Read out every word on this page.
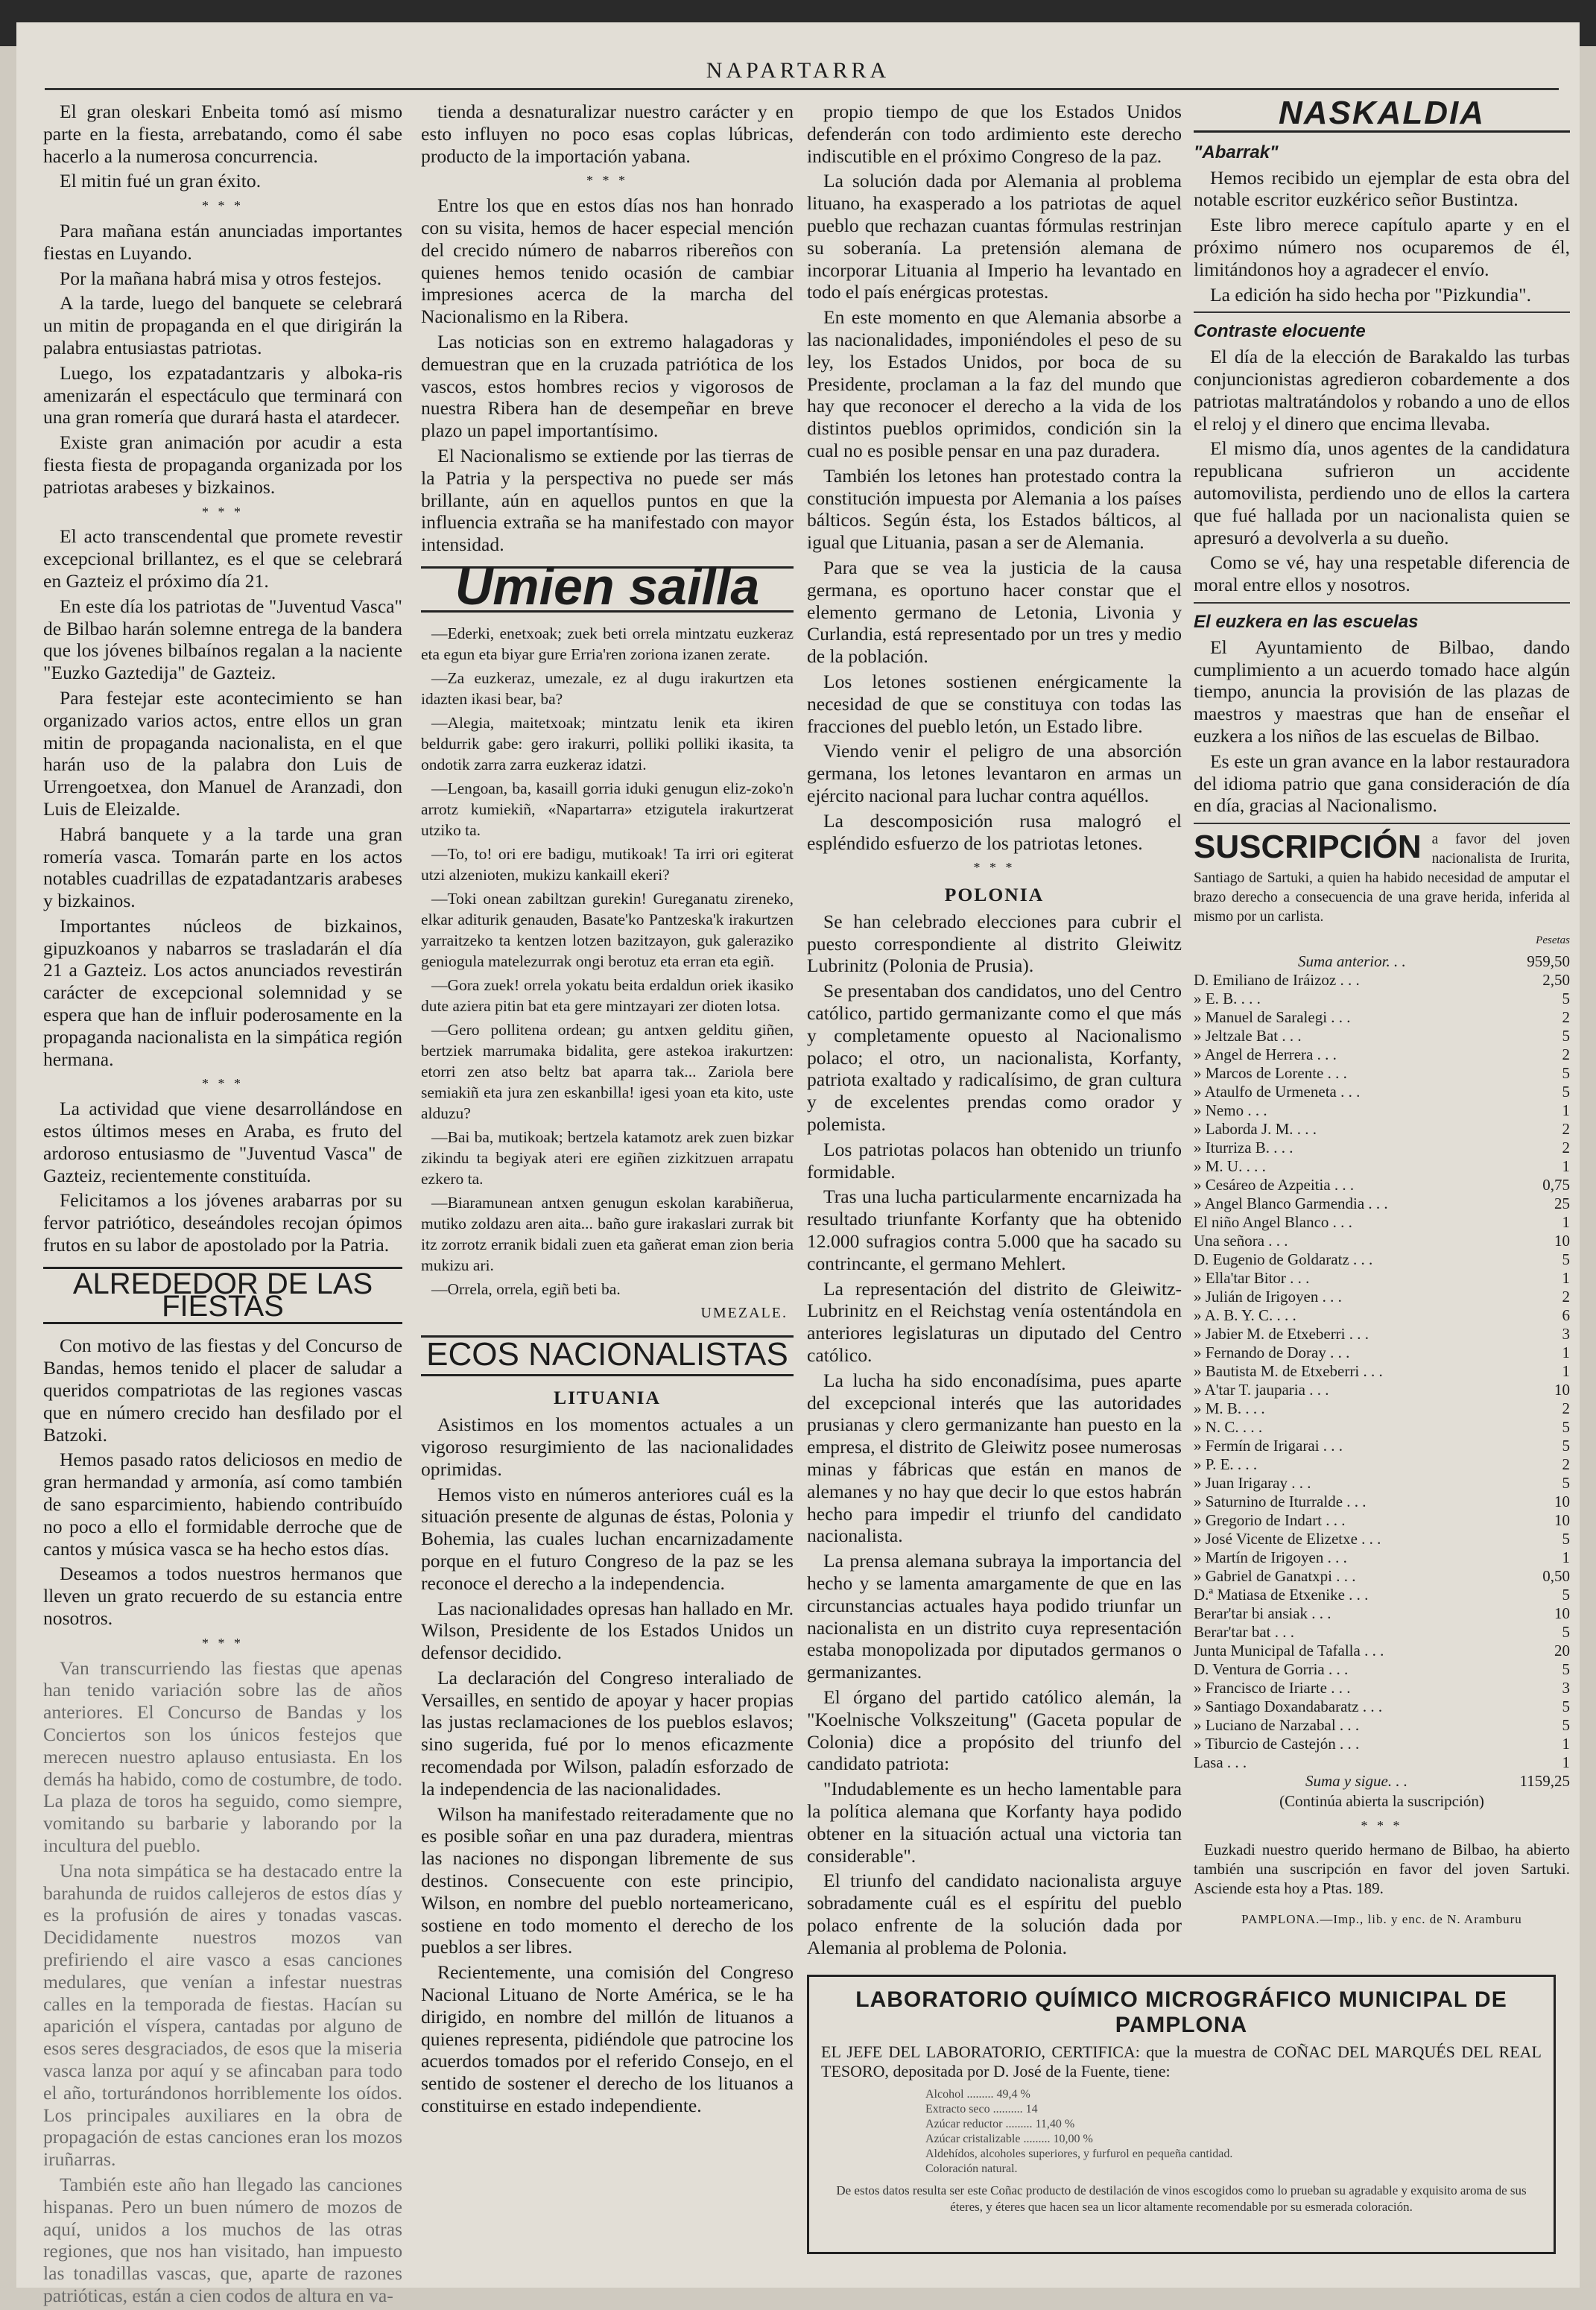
NAPARTARRA

El gran oleskari Enbeita tomó así mismo parte en la fiesta, arrebatando, como él sabe hacerlo a la numerosa concurrencia.

El mitin fué un gran éxito.

* * *

Para mañana están anunciadas importantes fiestas en Luyando.

Por la mañana habrá misa y otros festejos.

A la tarde, luego del banquete se celebrará un mitin de propaganda en el que dirigirán la palabra entusiastas patriotas.

Luego, los ezpatadantzaris y alboka-ris amenizarán el espectáculo que terminará con una gran romería que durará hasta el atardecer.

Existe gran animación por acudir a esta fiesta fiesta de propaganda organizada por los patriotas arabeses y bizkainos.

* * *

El acto transcendental que promete revestir excepcional brillantez, es el que se celebrará en Gazteiz el próximo día 21.

En este día los patriotas de "Juventud Vasca" de Bilbao harán solemne entrega de la bandera que los jóvenes bilbaínos regalan a la naciente "Euzko Gaztedija" de Gazteiz.

Para festejar este acontecimiento se han organizado varios actos, entre ellos un gran mitin de propaganda nacionalista, en el que harán uso de la palabra don Luis de Urrengoetxea, don Manuel de Aranzadi, don Luis de Eleizalde.

Habrá banquete y a la tarde una gran romería vasca. Tomarán parte en los actos notables cuadrillas de ezpatadantzaris arabeses y bizkainos.

Importantes núcleos de bizkainos, gipuzkoanos y nabarros se trasladarán el día 21 a Gazteiz. Los actos anunciados revestirán carácter de excepcional solemnidad y se espera que han de influir poderosamente en la propaganda nacionalista en la simpática región hermana.

* * *

La actividad que viene desarrollándose en estos últimos meses en Araba, es fruto del ardoroso entusiasmo de "Juventud Vasca" de Gazteiz, recientemente constituída.

Felicitamos a los jóvenes arabarras por su fervor patriótico, deseándoles recojan ópimos frutos en su labor de apostolado por la Patria.

ALREDEDOR DE LAS FIESTAS

Con motivo de las fiestas y del Concurso de Bandas, hemos tenido el placer de saludar a queridos compatriotas de las regiones vascas que en número crecido han desfilado por el Batzoki.

Hemos pasado ratos deliciosos en medio de gran hermandad y armonía, así como también de sano esparcimiento, habiendo contribuído no poco a ello el formidable derroche que de cantos y música vasca se ha hecho estos días.

Deseamos a todos nuestros hermanos que lleven un grato recuerdo de su estancia entre nosotros.

* * *

Van transcurriendo las fiestas que apenas han tenido variación sobre las de años anteriores. El Concurso de Bandas y los Conciertos son los únicos festejos que merecen nuestro aplauso entusiasta. En los demás ha habido, como de costumbre, de todo. La plaza de toros ha seguido, como siempre, vomitando su barbarie y laborando por la incultura del pueblo.

Una nota simpática se ha destacado entre la barahunda de ruidos callejeros de estos días y es la profusión de aires y tonadas vascas. Decididamente nuestros mozos van prefiriendo el aire vasco a esas canciones medulares, que venían a infestar nuestras calles en la temporada de fiestas. Hacían su aparición el víspera, cantadas por alguno de esos seres desgraciados, de esos que la miseria vasca lanza por aquí y se afincaban para todo el año, torturándonos horriblemente los oídos. Los principales auxiliares en la obra de propagación de estas canciones eran los mozos iruñarras.

También este año han llegado las canciones hispanas. Pero un buen número de mozos de aquí, unidos a los muchos de las otras regiones, que nos han visitado, han impuesto las tonadillas vascas, que, aparte de razones patrióticas, están a cien codos de altura en va-

tienda a desnaturalizar nuestro carácter y en esto influyen no poco esas coplas lúbricas, producto de la importación yabana.

* * *

Entre los que en estos días nos han honrado con su visita, hemos de hacer especial mención del crecido número de nabarros ribereños con quienes hemos tenido ocasión de cambiar impresiones acerca de la marcha del Nacionalismo en la Ribera.

Las noticias son en extremo halagadoras y demuestran que en la cruzada patriótica de los vascos, estos hombres recios y vigorosos de nuestra Ribera han de desempeñar en breve plazo un papel importantísimo.

El Nacionalismo se extiende por las tierras de la Patria y la perspectiva no puede ser más brillante, aún en aquellos puntos en que la influencia extraña se ha manifestado con mayor intensidad.

Umien sailla

—Ederki, enetxoak; zuek beti orrela mintzatu euzkeraz eta egun eta biyar gure Erria'ren zoriona izanen zerate.

—Za euzkeraz, umezale, ez al dugu irakurtzen eta idazten ikasi bear, ba?

—Alegia, maitetxoak; mintzatu lenik eta ikiren beldurrik gabe: gero irakurri, polliki polliki ikasita, ta ondotik zarra zarra euzkeraz idatzi.

—Lengoan, ba, kasaill gorria iduki genugun eliz-zoko'n arrotz kumiekiñ, «Napartarra» etzigutela irakurtzerat utziko ta.

—To, to! ori ere badigu, mutikoak! Ta irri ori egiterat utzi alzenioten, mukizu kankaill ekeri?

—Toki onean zabiltzan gurekin! Gureganatu zireneko, elkar aditurik genauden, Basate'ko Pantzeska'k irakurtzen yarraitzeko ta kentzen lotzen bazitzayon, guk galeraziko geniogula matelezurrak ongi berotuz eta erran eta egiñ.

—Gora zuek! orrela yokatu beita erdaldun oriek ikasiko dute aziera pitin bat eta gere mintzayari zer dioten lotsa.

—Gero pollitena ordean; gu antxen gelditu giñen, bertziek marrumaka bidalita, gere astekoa irakurtzen: etorri zen atso beltz bat aparra tak... Zariola bere semiakiñ eta jura zen eskanbilla! igesi yoan eta kito, uste alduzu?

—Bai ba, mutikoak; bertzela katamotz arek zuen bizkar zikindu ta begiyak ateri ere egiñen zizkitzuen arrapatu ezkero ta.

—Biaramunean antxen genugun eskolan karabiñerua, mutiko zoldazu aren aita... baño gure irakaslari zurrak bit itz zorrotz erranik bidali zuen eta gañerat eman zion beria mukizu ari.

—Orrela, orrela, egiñ beti ba.

UMEZALE.
ECOS NACIONALISTAS
LITUANIA

Asistimos en los momentos actuales a un vigoroso resurgimiento de las nacionalidades oprimidas.

Hemos visto en números anteriores cuál es la situación presente de algunas de éstas, Polonia y Bohemia, las cuales luchan encarnizadamente porque en el futuro Congreso de la paz se les reconoce el derecho a la independencia.

Las nacionalidades opresas han hallado en Mr. Wilson, Presidente de los Estados Unidos un defensor decidido.

La declaración del Congreso interaliado de Versailles, en sentido de apoyar y hacer propias las justas reclamaciones de los pueblos eslavos; sino sugerida, fué por lo menos eficazmente recomendada por Wilson, paladín esforzado de la independencia de las nacionalidades.

Wilson ha manifestado reiteradamente que no es posible soñar en una paz duradera, mientras las naciones no dispongan libremente de sus destinos. Consecuente con este principio, Wilson, en nombre del pueblo norteamericano, sostiene en todo momento el derecho de los pueblos a ser libres.

Recientemente, una comisión del Congreso Nacional Lituano de Norte América, se le ha dirigido, en nombre del millón de lituanos a quienes representa, pidiéndole que patrocine los acuerdos tomados por el referido Consejo, en el sentido de sostener el derecho de los lituanos a constituirse en estado independiente.

propio tiempo de que los Estados Unidos defenderán con todo ardimiento este derecho indiscutible en el próximo Congreso de la paz.

La solución dada por Alemania al problema lituano, ha exasperado a los patriotas de aquel pueblo que rechazan cuantas fórmulas restrinjan su soberanía. La pretensión alemana de incorporar Lituania al Imperio ha levantado en todo el país enérgicas protestas.

En este momento en que Alemania absorbe a las nacionalidades, imponiéndoles el peso de su ley, los Estados Unidos, por boca de su Presidente, proclaman a la faz del mundo que hay que reconocer el derecho a la vida de los distintos pueblos oprimidos, condición sin la cual no es posible pensar en una paz duradera.

También los letones han protestado contra la constitución impuesta por Alemania a los países bálticos. Según ésta, los Estados bálticos, al igual que Lituania, pasan a ser de Alemania.

Para que se vea la justicia de la causa germana, es oportuno hacer constar que el elemento germano de Letonia, Livonia y Curlandia, está representado por un tres y medio de la población.

Los letones sostienen enérgicamente la necesidad de que se constituya con todas las fracciones del pueblo letón, un Estado libre.

Viendo venir el peligro de una absorción germana, los letones levantaron en armas un ejército nacional para luchar contra aquéllos.

La descomposición rusa malogró el espléndido esfuerzo de los patriotas letones.

* * *
POLONIA

Se han celebrado elecciones para cubrir el puesto correspondiente al distrito Gleiwitz Lubrinitz (Polonia de Prusia).

Se presentaban dos candidatos, uno del Centro católico, partido germanizante como el que más y completamente opuesto al Nacionalismo polaco; el otro, un nacionalista, Korfanty, patriota exaltado y radicalísimo, de gran cultura y de excelentes prendas como orador y polemista.

Los patriotas polacos han obtenido un triunfo formidable.

Tras una lucha particularmente encarnizada ha resultado triunfante Korfanty que ha obtenido 12.000 sufragios contra 5.000 que ha sacado su contrincante, el germano Mehlert.

La representación del distrito de Gleiwitz-Lubrinitz en el Reichstag venía ostentándola en anteriores legislaturas un diputado del Centro católico.

La lucha ha sido enconadísima, pues aparte del excepcional interés que las autoridades prusianas y clero germanizante han puesto en la empresa, el distrito de Gleiwitz posee numerosas minas y fábricas que están en manos de alemanes y no hay que decir lo que estos habrán hecho para impedir el triunfo del candidato nacionalista.

La prensa alemana subraya la importancia del hecho y se lamenta amargamente de que en las circunstancias actuales haya podido triunfar un nacionalista en un distrito cuya representación estaba monopolizada por diputados germanos o germanizantes.

El órgano del partido católico alemán, la "Koelnische Volkszeitung" (Gaceta popular de Colonia) dice a propósito del triunfo del candidato patriota:

"Indudablemente es un hecho lamentable para la política alemana que Korfanty haya podido obtener en la situación actual una victoria tan considerable".

El triunfo del candidato nacionalista arguye sobradamente cuál es el espíritu del pueblo polaco enfrente de la solución dada por Alemania al problema de Polonia.

NASKALDIA
"Abarrak"

Hemos recibido un ejemplar de esta obra del notable escritor euzkérico señor Bustintza.

Este libro merece capítulo aparte y en el próximo número nos ocuparemos de él, limitándonos hoy a agradecer el envío.

La edición ha sido hecha por "Pizkundia".

Contraste elocuente

El día de la elección de Barakaldo las turbas conjuncionistas agredieron cobardemente a dos patriotas maltratándolos y robando a uno de ellos el reloj y el dinero que encima llevaba.

El mismo día, unos agentes de la candidatura republicana sufrieron un accidente automovilista, perdiendo uno de ellos la cartera que fué hallada por un nacionalista quien se apresuró a devolverla a su dueño.

Como se vé, hay una respetable diferencia de moral entre ellos y nosotros.

El euzkera en las escuelas

El Ayuntamiento de Bilbao, dando cumplimiento a un acuerdo tomado hace algún tiempo, anuncia la provisión de las plazas de maestros y maestras que han de enseñar el euzkera a los niños de las escuelas de Bilbao.

Es este un gran avance en la labor restauradora del idioma patrio que gana consideración de día en día, gracias al Nacionalismo.

SUSCRIPCIÓN a favor del joven nacionalista de Irurita, Santiago de Sartuki, a quien ha habido necesidad de amputar el brazo derecho a consecuencia de una grave herida, inferida al mismo por un carlista.
Pesetas
Suma anterior. . .	959,50
D. Emiliano de Iráizoz . . .	2,50
» E. B. . . .	5
» Manuel de Saralegi . . .	2
» Jeltzale Bat . . .	5
» Angel de Herrera . . .	2
» Marcos de Lorente . . .	5
» Ataulfo de Urmeneta . . .	5
» Nemo . . .	1
» Laborda J. M. . . .	2
» Iturriza B. . . .	2
» M. U. . . .	1
» Cesáreo de Azpeitia . . .	0,75
» Angel Blanco Garmendia . . .	25
El niño Angel Blanco . . .	1
Una señora . . .	10
D. Eugenio de Goldaratz . . .	5
» Ella'tar Bitor . . .	1
» Julián de Irigoyen . . .	2
» A. B. Y. C. . . .	6
» Jabier M. de Etxeberri . . .	3
» Fernando de Doray . . .	1
» Bautista M. de Etxeberri . . .	1
» A'tar T. jauparia . . .	10
» M. B. . . .	2
» N. C. . . .	5
» Fermín de Irigarai . . .	5
» P. E. . . .	2
» Juan Irigaray . . .	5
» Saturnino de Iturralde . . .	10
» Gregorio de Indart . . .	10
» José Vicente de Elizetxe . . .	5
» Martín de Irigoyen . . .	1
» Gabriel de Ganatxpi . . .	0,50
D.ª Matiasa de Etxenike . . .	5
Berar'tar bi ansiak . . .	10
Berar'tar bat . . .	5
Junta Municipal de Tafalla . . .	20
D. Ventura de Gorria . . .	5
» Francisco de Iriarte . . .	3
» Santiago Doxandabaratz . . .	5
» Luciano de Narzabal . . .	5
» Tiburcio de Castejón . . .	1
Lasa . . .	1
Suma y sigue. . .	1159,25
(Continúa abierta la suscripción)
* * *
Euzkadi nuestro querido hermano de Bilbao, ha abierto también una suscripción en favor del joven Sartuki. Asciende esta hoy a Ptas. 189.
PAMPLONA.—Imp., lib. y enc. de N. Aramburu
LABORATORIO QUÍMICO MICROGRÁFICO MUNICIPAL DE PAMPLONA
EL JEFE DEL LABORATORIO, CERTIFICA: que la muestra de COÑAC DEL MARQUÉS DEL REAL TESORO, depositada por D. José de la Fuente, tiene:
Alcohol ......... 49,4 %
Extracto seco .......... 14
Azúcar reductor ......... 11,40 %
Azúcar cristalizable ......... 10,00 %
Aldehídos, alcoholes superiores, y furfurol en pequeña cantidad.
Coloración natural.
De estos datos resulta ser este Coñac producto de destilación de vinos escogidos como lo prueban su agradable y exquisito aroma de sus éteres, y éteres que hacen sea un licor altamente recomendable por su esmerada coloración.
